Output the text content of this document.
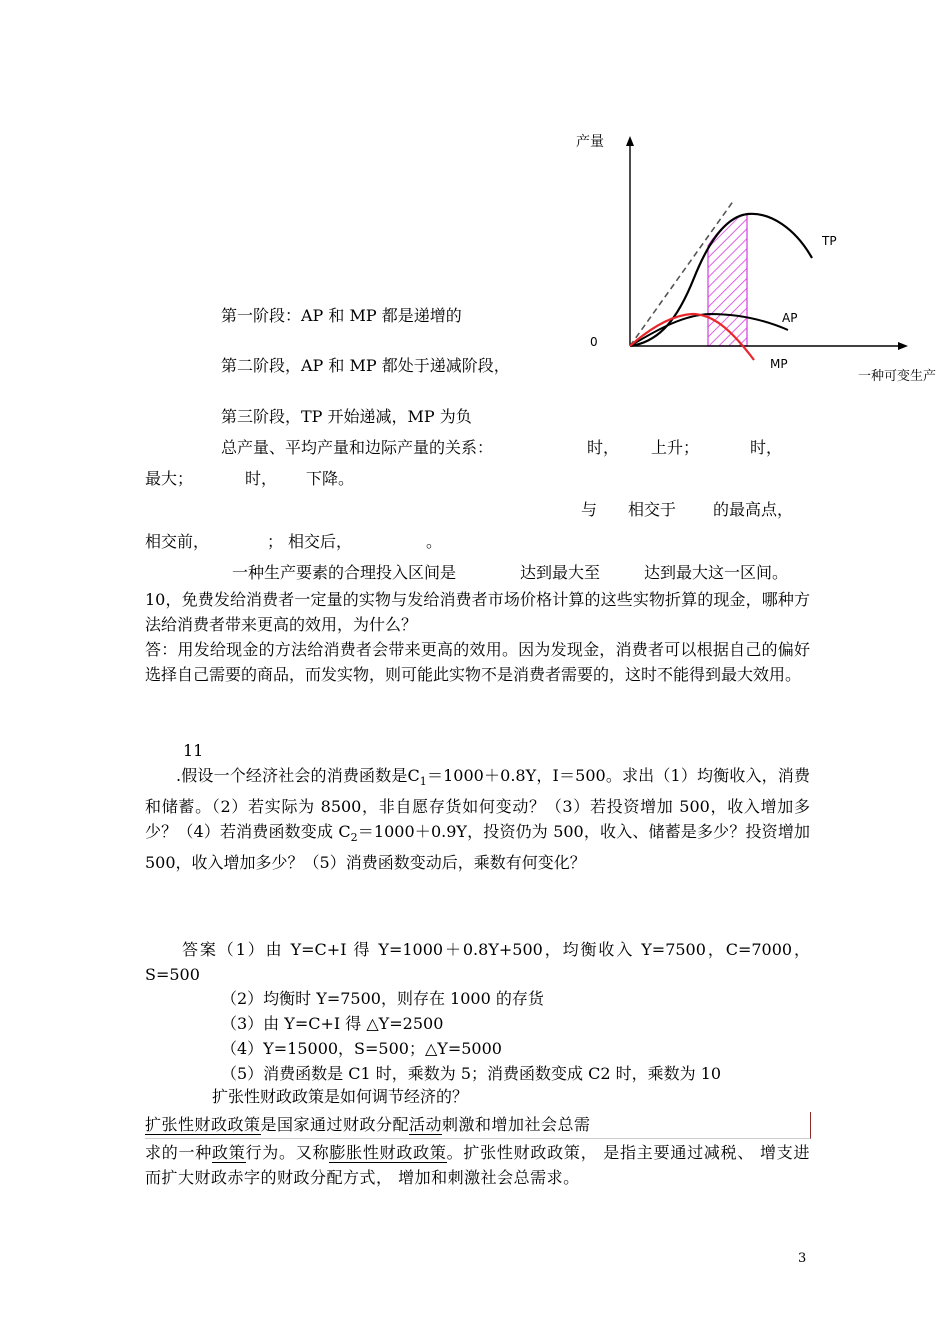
产量
一种可变生产
0
TP
AP
MP
第一阶段：AP 和 MP 都是递增的
第二阶段，AP 和 MP 都处于递减阶段，
第三阶段，TP 开始递减，MP 为负
总产量、平均产量和边际产量的关系：	时， 上升；	时，
最大；	时， 下降。
与 相交于 的最高点，
相交前，	； 相交后，	。
一种生产要素的合理投入区间是	达到最大至	达到最大这一区间。
10，免费发给消费者一定量的实物与发给消费者市场价格计算的这些实物折算的现金，哪种方法给消费者带来更高的效用，为什么？
答：用发给现金的方法给消费者会带来更高的效用。因为发现金，消费者可以根据自己的偏好选择自己需要的商品，而发实物，则可能此实物不是消费者需要的，这时不能得到最大效用。
11
.假设一个经济社会的消费函数是$C_1=1000+0.8Y$，I＝500。求出（1）均衡收入，消费和储蓄。（2）若实际为 8500，非自愿存货如何变动？（3）若投资增加 500，收入增加多少？（4）若消费函数变成 $C_2=1000+0.9Y$，投资仍为 500，收入、储蓄是多少？投资增加 500，收入增加多少？（5）消费函数变动后，乘数有何变化？
答案（1）由 Y=C+I 得 Y=1000＋0.8Y+500，均衡收入 Y=7500，C=7000，S=500
（2）均衡时 Y=7500，则存在 1000 的存货
（3）由 Y=C+I 得 △Y=2500
（4）Y=15000，S=500；△Y=5000
（5）消费函数是 C1 时，乘数为 5；消费函数变成 C2 时，乘数为 10
扩张性财政政策是如何调节经济的？
扩张性财政政策是国家通过财政分配活动刺激和增加社会总需
求的一种政策行为。又称膨胀性财政政策。扩张性财政政策， 是指主要通过减税、 增支进而扩大财政赤字的财政分配方式， 增加和刺激社会总需求。
3
